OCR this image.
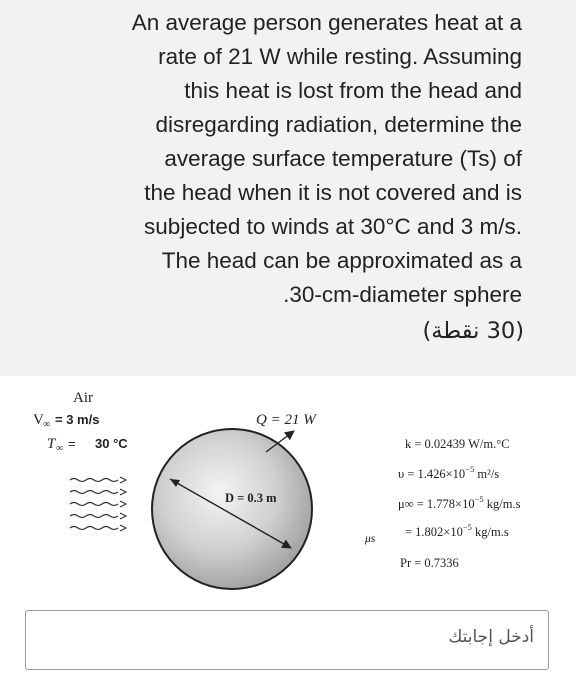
An average person generates heat at a
rate of 21 W while resting. Assuming
this heat is lost from the head and
disregarding radiation, determine the
average surface temperature (Ts) of
the head when it is not covered and is
subjected to winds at 30°C and 3 m/s.
The head can be approximated as a
.30-cm-diameter sphere

(30 نقطة)
Air
V ∞ = 3 m/s
T ∞ = 30 °C
D = 0.3 m
Q = 21 W
k = 0.02439 W/m.°C
$\upsilon = 1.426\times 10^{-5}$ m²/s
$\mu\infty = 1.778\times 10^{-5}$ kg/m.s
$\mu s = 1.802\times 10^{-5}$ kg/m.s
Pr = 0.7336
أدخل إجابتك
